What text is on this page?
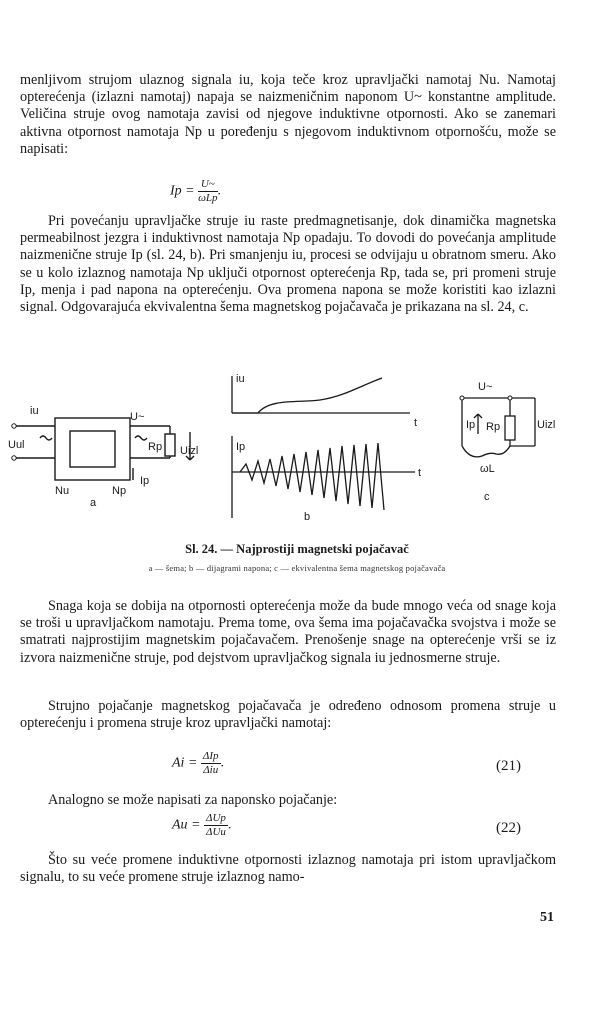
menljivom strujom ulaznog signala iu, koja teče kroz upravljački namotaj Nu. Namotaj opterećenja (izlazni namotaj) napaja se naizmeničnim naponom U~ konstantne amplitude. Veličina struje ovog namotaja zavisi od njegove induktivne otpornosti. Ako se zanemari aktivna otpornost namotaja Np u poređenju s njegovom induktivnom otpornošću, može se napisati:

$Ip = \frac{U\sim}{\text{ωLp}}$ .

Pri povećanju upravljačke struje iu raste predmagnetisanje, dok dinamička magnetska permeabilnost jezgra i induktivnost namotaja Np opadaju. To dovodi do povećanja amplitude naizmenične struje Ip (sl. 24, b). Pri smanjenju iu, procesi se odvijaju u obratnom smeru. Ako se u kolo izlaznog namotaja Np uključi otpornost opterećenja Rp, tada se, pri promeni struje Ip, menja i pad napona na opterećenju. Ova promena napona se može koristiti kao izlazni signal. Odgovarajuća ekvivalentna šema magnetskog pojačavača je prikazana na sl. 24, c.

iu
Uul
U~
Rp Uizl
Nu	Np
Ip
a
iu
t
Ip
t
b
U~
Ip Rp	Uizl
ωL
c
Sl. 24. — Najprostiji magnetski pojačavač
a — šema; b — dijagrami napona; c — ekvivalentna šema magnetskog pojačavača

Snaga koja se dobija na otpornosti opterećenja može da bude mnogo veća od snage koja se troši u upravljačkom namotaju. Prema tome, ova šema ima pojačavačka svojstva i može se smatrati najprostijim magnetskim pojačavačem. Prenošenje snage na opterećenje vrši se iz izvora naizmenične struje, pod dejstvom upravljačkog signala iu jednosmerne struje.

Strujno pojačanje magnetskog pojačavača je određeno odnosom promena struje u opterećenju i promena struje kroz upravljački namotaj:

$Ai = \frac{\text{ΔIp}}{\text{Δiu}}$ .	(21)

Analogno se može napisati za naponsko pojačanje:

$Au = \frac{\text{ΔUp}}{\text{ΔUu}}$ .	(22)

Što su veće promene induktivne otpornosti izlaznog namotaja pri istom upravljačkom signalu, to su veće promene struje izlaznog namo-

51
